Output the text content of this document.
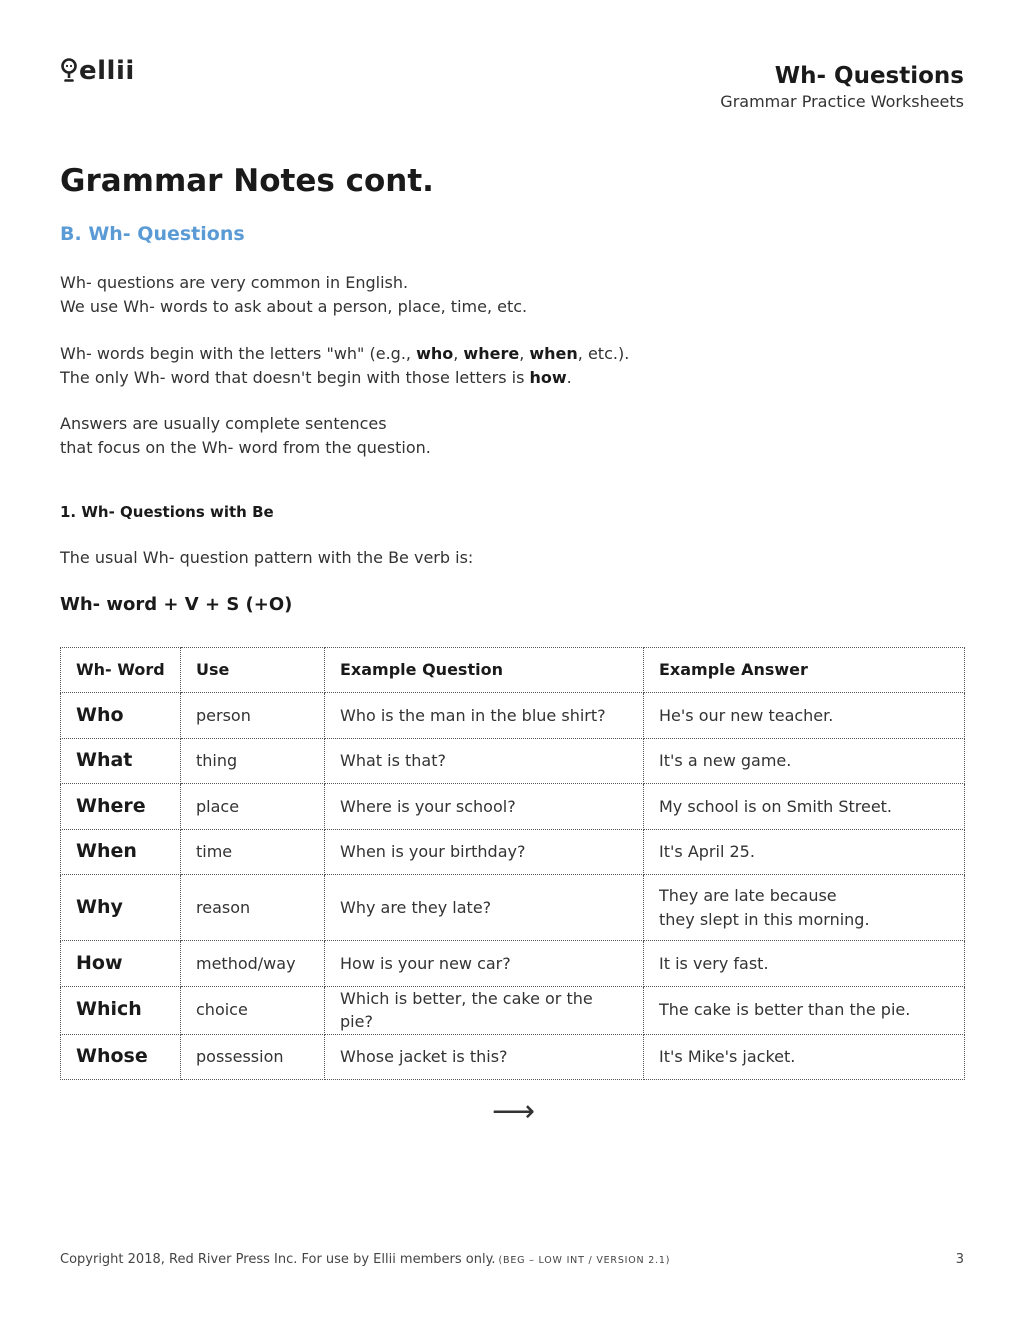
ellii	Wh- Questions
Grammar Practice Worksheets
Grammar Notes cont.
B. Wh- Questions

Wh- questions are very common in English.
We use Wh- words to ask about a person, place, time, etc.

Wh- words begin with the letters "wh" (e.g., who, where, when, etc.).
The only Wh- word that doesn't begin with those letters is how.

Answers are usually complete sentences
that focus on the Wh- word from the question.

1. Wh- Questions with Be

The usual Wh- question pattern with the Be verb is:

Wh- word + V + S (+O)

Wh- Word	Use	Example Question	Example Answer
Who	person	Who is the man in the blue shirt?	He's our new teacher.
What	thing	What is that?	It's a new game.
Where	place	Where is your school?	My school is on Smith Street.
When	time	When is your birthday?	It's April 25.
Why	reason	Why are they late?	They are late because
they slept in this morning.
How	method/way	How is your new car?	It is very fast.
Which	choice	Which is better, the cake or the pie?	The cake is better than the pie.
Whose	possession	Whose jacket is this?	It's Mike's jacket.
⟶
Copyright 2018, Red River Press Inc. For use by Ellii members only. (BEG – LOW INT / VERSION 2.1)	3
